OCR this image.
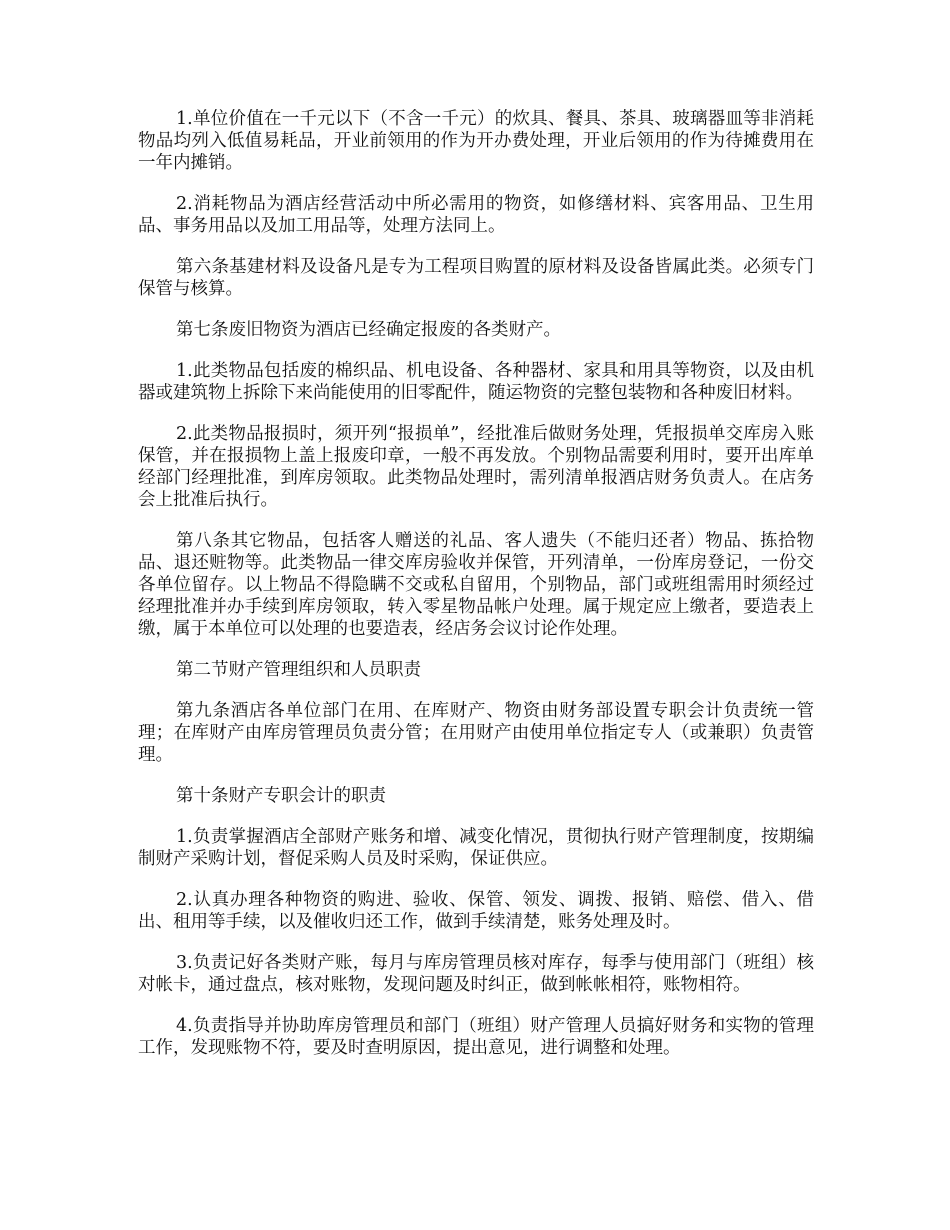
1.单位价值在一千元以下（不含一千元）的炊具、餐具、茶具、玻璃器皿等非消耗物品均列入低值易耗品，开业前领用的作为开办费处理，开业后领用的作为待摊费用在一年内摊销。

2.消耗物品为酒店经营活动中所必需用的物资，如修缮材料、宾客用品、卫生用品、事务用品以及加工用品等，处理方法同上。

第六条基建材料及设备凡是专为工程项目购置的原材料及设备皆属此类。必须专门保管与核算。

第七条废旧物资为酒店已经确定报废的各类财产。

1.此类物品包括废的棉织品、机电设备、各种器材、家具和用具等物资，以及由机器或建筑物上拆除下来尚能使用的旧零配件，随运物资的完整包装物和各种废旧材料。

2.此类物品报损时，须开列“报损单”，经批准后做财务处理，凭报损单交库房入账保管，并在报损物上盖上报废印章，一般不再发放。个别物品需要利用时，要开出库单经部门经理批准，到库房领取。此类物品处理时，需列清单报酒店财务负责人。在店务会上批准后执行。

第八条其它物品，包括客人赠送的礼品、客人遗失（不能归还者）物品、拣拾物品、退还赃物等。此类物品一律交库房验收并保管，开列清单，一份库房登记，一份交各单位留存。以上物品不得隐瞒不交或私自留用，个别物品，部门或班组需用时须经过经理批准并办手续到库房领取，转入零星物品帐户处理。属于规定应上缴者，要造表上缴，属于本单位可以处理的也要造表，经店务会议讨论作处理。

第二节财产管理组织和人员职责

第九条酒店各单位部门在用、在库财产、物资由财务部设置专职会计负责统一管理；在库财产由库房管理员负责分管；在用财产由使用单位指定专人（或兼职）负责管理。

第十条财产专职会计的职责

1.负责掌握酒店全部财产账务和增、减变化情况，贯彻执行财产管理制度，按期编制财产采购计划，督促采购人员及时采购，保证供应。

2.认真办理各种物资的购进、验收、保管、领发、调拨、报销、赔偿、借入、借出、租用等手续，以及催收归还工作，做到手续清楚，账务处理及时。

3.负责记好各类财产账，每月与库房管理员核对库存，每季与使用部门（班组）核对帐卡，通过盘点，核对账物，发现问题及时纠正，做到帐帐相符，账物相符。

4.负责指导并协助库房管理员和部门（班组）财产管理人员搞好财务和实物的管理工作，发现账物不符，要及时查明原因，提出意见，进行调整和处理。
